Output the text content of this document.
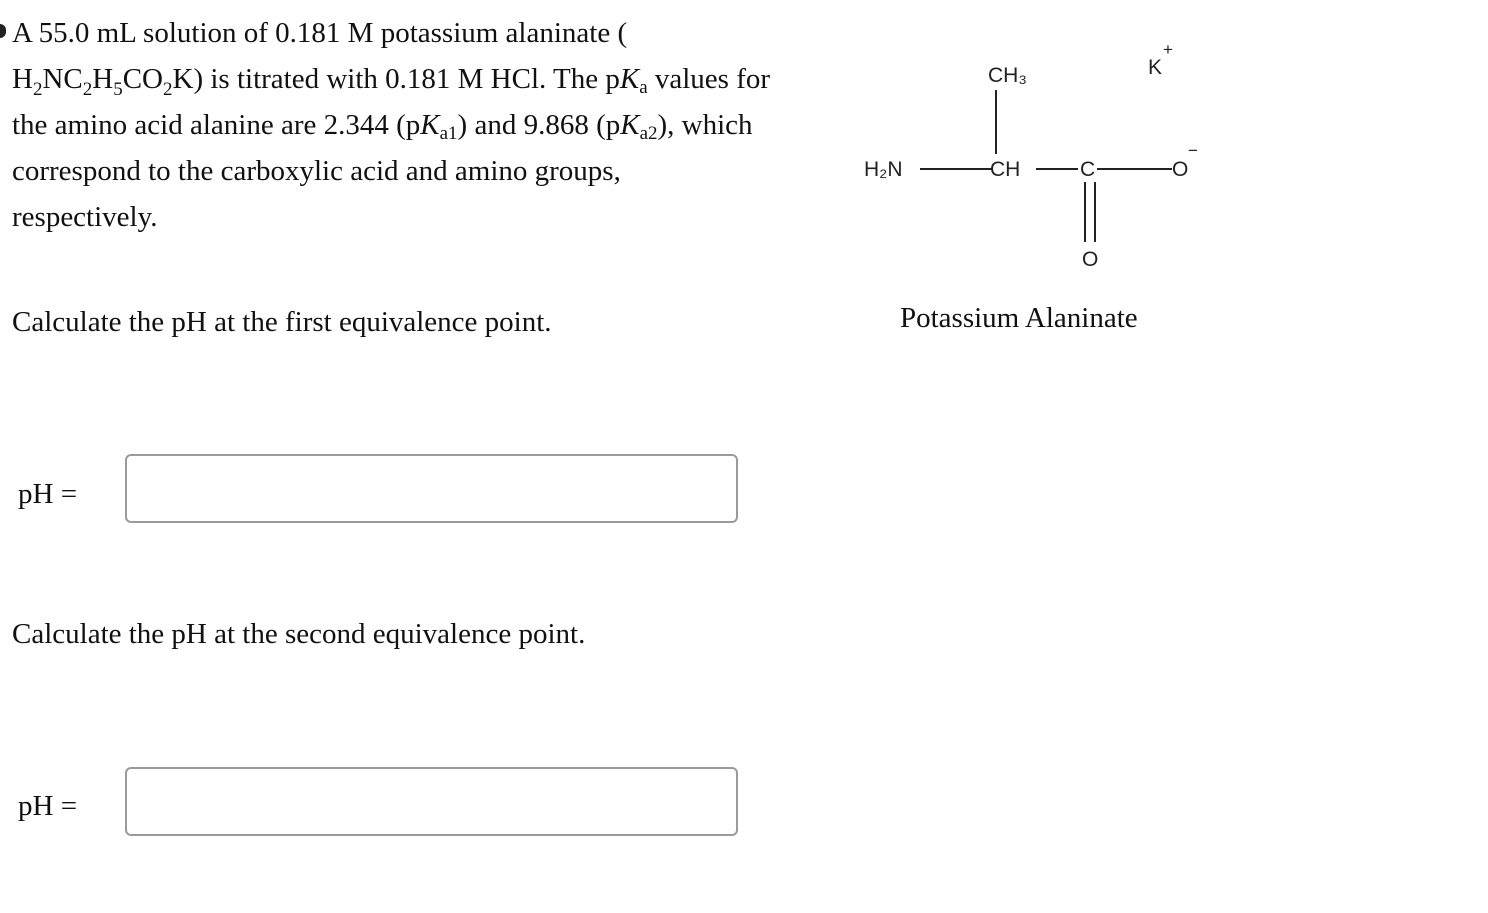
A 55.0 mL solution of 0.181 M potassium alaninate (
$H_2NC_2H_5CO_2K$) is titrated with 0.181 M HCl. The pKa values for the amino acid alanine are 2.344 (pKa1) and 9.868 (pKa2), which correspond to the carboxylic acid and amino groups, respectively.
CH₃	K
+
H₂N	CH	C	O
−
O
Potassium Alaninate
Calculate the pH at the first equivalence point.
pH =
Calculate the pH at the second equivalence point.
pH =
